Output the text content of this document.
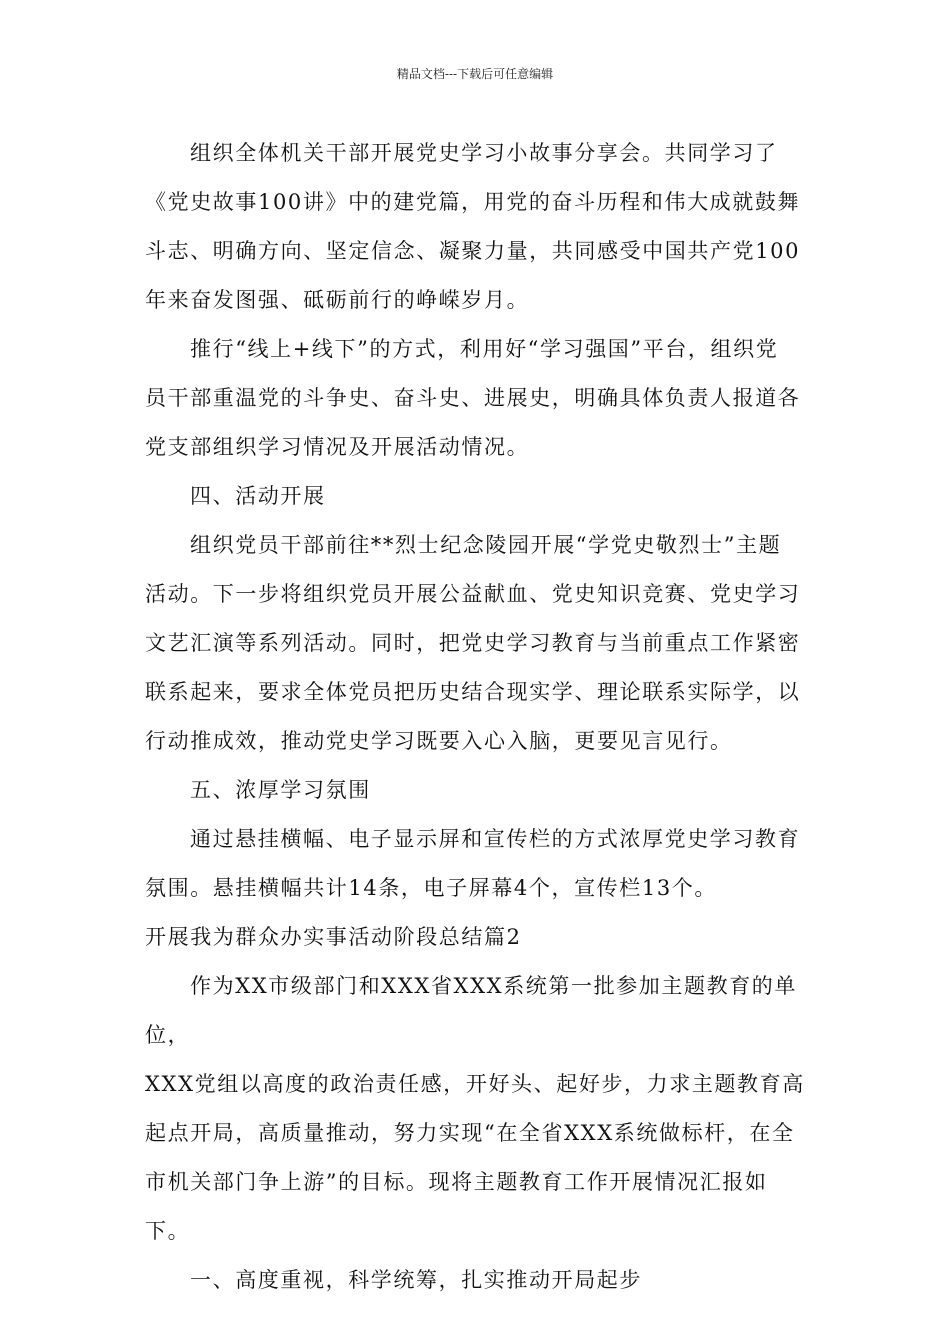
精品文档---下载后可任意编辑

组织全体机关干部开展党史学习小故事分享会。共同学习了
《党史故事100讲》中的建党篇，用党的奋斗历程和伟大成就鼓舞
斗志、明确方向、坚定信念、凝聚力量，共同感受中国共产党100
年来奋发图强、砥砺前行的峥嵘岁月。

推行“线上+线下”的方式，利用好“学习强国”平台，组织党
员干部重温党的斗争史、奋斗史、进展史，明确具体负责人报道各
党支部组织学习情况及开展活动情况。

四、活动开展

组织党员干部前往**烈士纪念陵园开展“学党史敬烈士”主题
活动。下一步将组织党员开展公益献血、党史知识竞赛、党史学习
文艺汇演等系列活动。同时，把党史学习教育与当前重点工作紧密
联系起来，要求全体党员把历史结合现实学、理论联系实际学，以
行动推成效，推动党史学习既要入心入脑，更要见言见行。

五、浓厚学习氛围

通过悬挂横幅、电子显示屏和宣传栏的方式浓厚党史学习教育
氛围。悬挂横幅共计14条，电子屏幕4个，宣传栏13个。

开展我为群众办实事活动阶段总结篇2

作为XX市级部门和XXX省XXX系统第一批参加主题教育的单位，
XXX党组以高度的政治责任感，开好头、起好步，力求主题教育高
起点开局，高质量推动，努力实现“在全省XXX系统做标杆，在全
市机关部门争上游”的目标。现将主题教育工作开展情况汇报如下。

一、高度重视，科学统筹，扎实推动开局起步
